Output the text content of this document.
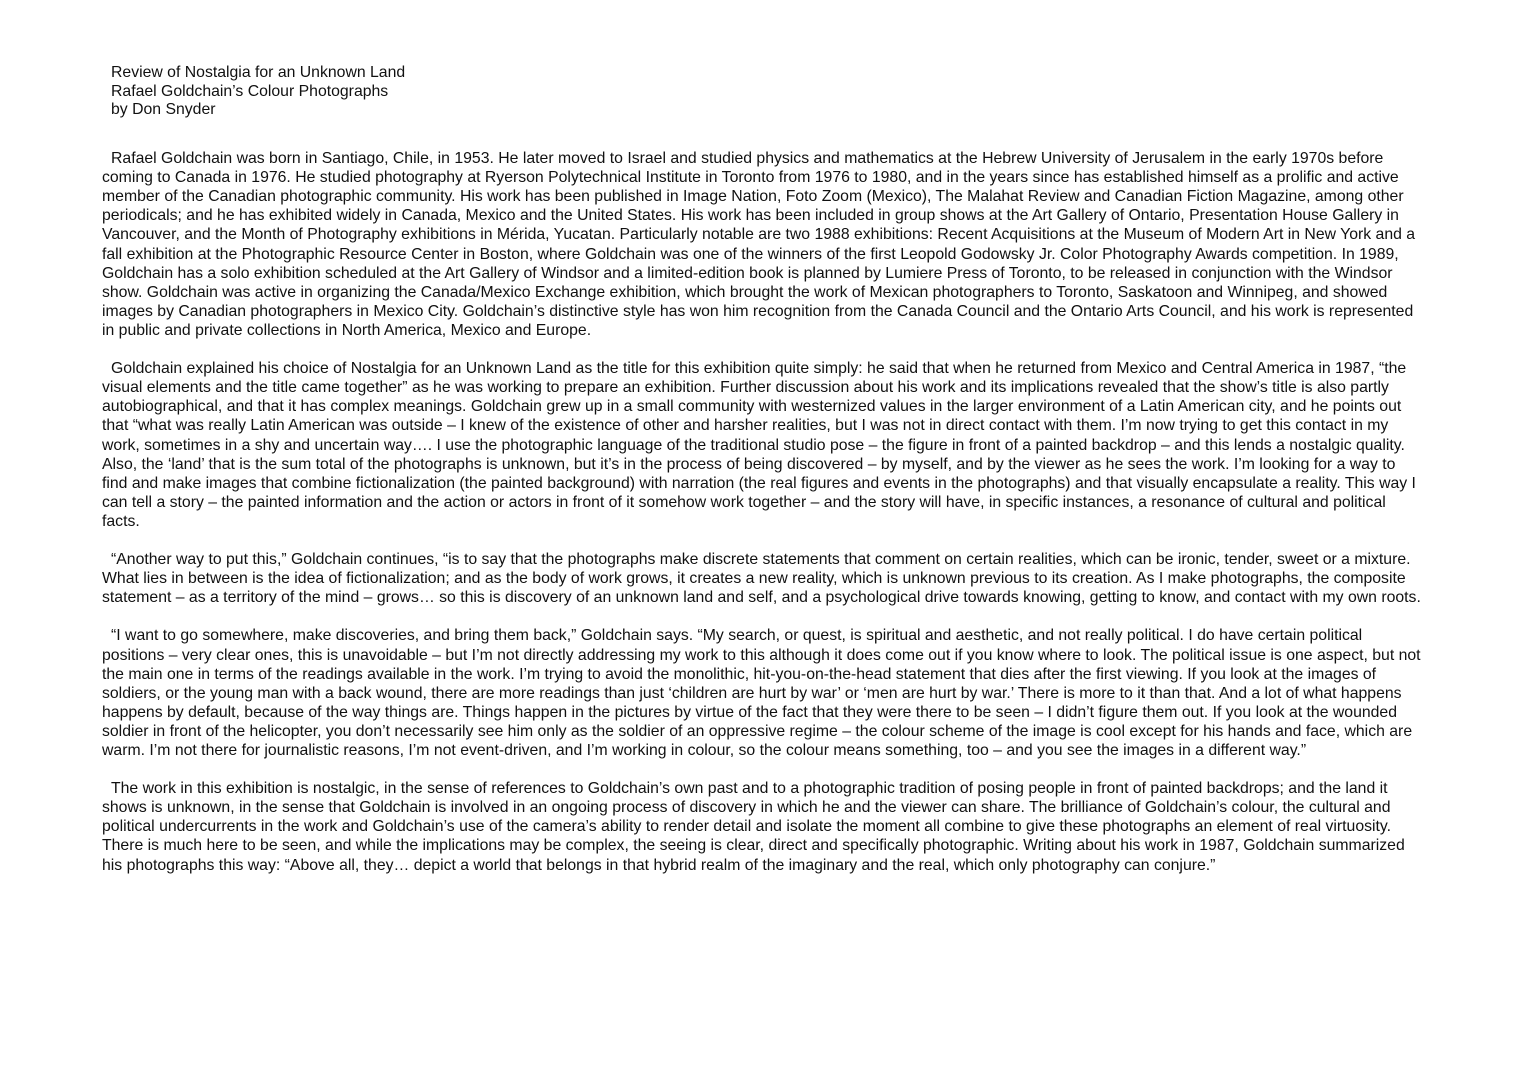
Review of Nostalgia for an Unknown Land
Rafael Goldchain’s Colour Photographs
by Don Snyder

Rafael Goldchain was born in Santiago, Chile, in 1953. He later moved to Israel and studied physics and mathematics at the Hebrew University of Jerusalem in the early 1970s before coming to Canada in 1976. He studied photography at Ryerson Polytechnical Institute in Toronto from 1976 to 1980, and in the years since has established himself as a prolific and active member of the Canadian photographic community. His work has been published in Image Nation, Foto Zoom (Mexico), The Malahat Review and Canadian Fiction Magazine, among other periodicals; and he has exhibited widely in Canada, Mexico and the United States. His work has been included in group shows at the Art Gallery of Ontario, Presentation House Gallery in Vancouver, and the Month of Photography exhibitions in Mérida, Yucatan. Particularly notable are two 1988 exhibitions: Recent Acquisitions at the Museum of Modern Art in New York and a fall exhibition at the Photographic Resource Center in Boston, where Goldchain was one of the winners of the first Leopold Godowsky Jr. Color Photography Awards competition. In 1989, Goldchain has a solo exhibition scheduled at the Art Gallery of Windsor and a limited-edition book is planned by Lumiere Press of Toronto, to be released in conjunction with the Windsor show. Goldchain was active in organizing the Canada/Mexico Exchange exhibition, which brought the work of Mexican photographers to Toronto, Saskatoon and Winnipeg, and showed images by Canadian photographers in Mexico City. Goldchain’s distinctive style has won him recognition from the Canada Council and the Ontario Arts Council, and his work is represented in public and private collections in North America, Mexico and Europe.

Goldchain explained his choice of Nostalgia for an Unknown Land as the title for this exhibition quite simply: he said that when he returned from Mexico and Central America in 1987, “the visual elements and the title came together” as he was working to prepare an exhibition. Further discussion about his work and its implications revealed that the show’s title is also partly autobiographical, and that it has complex meanings. Goldchain grew up in a small community with westernized values in the larger environment of a Latin American city, and he points out that “what was really Latin American was outside – I knew of the existence of other and harsher realities, but I was not in direct contact with them. I’m now trying to get this contact in my work, sometimes in a shy and uncertain way…. I use the photographic language of the traditional studio pose – the figure in front of a painted backdrop – and this lends a nostalgic quality. Also, the ‘land’ that is the sum total of the photographs is unknown, but it’s in the process of being discovered – by myself, and by the viewer as he sees the work. I’m looking for a way to find and make images that combine fictionalization (the painted background) with narration (the real figures and events in the photographs) and that visually encapsulate a reality. This way I can tell a story – the painted information and the action or actors in front of it somehow work together – and the story will have, in specific instances, a resonance of cultural and political facts.

“Another way to put this,” Goldchain continues, “is to say that the photographs make discrete statements that comment on certain realities, which can be ironic, tender, sweet or a mixture. What lies in between is the idea of fictionalization; and as the body of work grows, it creates a new reality, which is unknown previous to its creation. As I make photographs, the composite statement – as a territory of the mind – grows… so this is discovery of an unknown land and self, and a psychological drive towards knowing, getting to know, and contact with my own roots.

“I want to go somewhere, make discoveries, and bring them back,” Goldchain says. “My search, or quest, is spiritual and aesthetic, and not really political. I do have certain political positions – very clear ones, this is unavoidable – but I’m not directly addressing my work to this although it does come out if you know where to look. The political issue is one aspect, but not the main one in terms of the readings available in the work. I’m trying to avoid the monolithic, hit-you-on-the-head statement that dies after the first viewing. If you look at the images of soldiers, or the young man with a back wound, there are more readings than just ‘children are hurt by war’ or ‘men are hurt by war.’ There is more to it than that. And a lot of what happens happens by default, because of the way things are. Things happen in the pictures by virtue of the fact that they were there to be seen – I didn’t figure them out. If you look at the wounded soldier in front of the helicopter, you don’t necessarily see him only as the soldier of an oppressive regime – the colour scheme of the image is cool except for his hands and face, which are warm. I’m not there for journalistic reasons, I’m not event-driven, and I’m working in colour, so the colour means something, too – and you see the images in a different way.”

The work in this exhibition is nostalgic, in the sense of references to Goldchain’s own past and to a photographic tradition of posing people in front of painted backdrops; and the land it shows is unknown, in the sense that Goldchain is involved in an ongoing process of discovery in which he and the viewer can share. The brilliance of Goldchain’s colour, the cultural and political undercurrents in the work and Goldchain’s use of the camera’s ability to render detail and isolate the moment all combine to give these photographs an element of real virtuosity. There is much here to be seen, and while the implications may be complex, the seeing is clear, direct and specifically photographic. Writing about his work in 1987, Goldchain summarized his photographs this way: “Above all, they… depict a world that belongs in that hybrid realm of the imaginary and the real, which only photography can conjure.”
